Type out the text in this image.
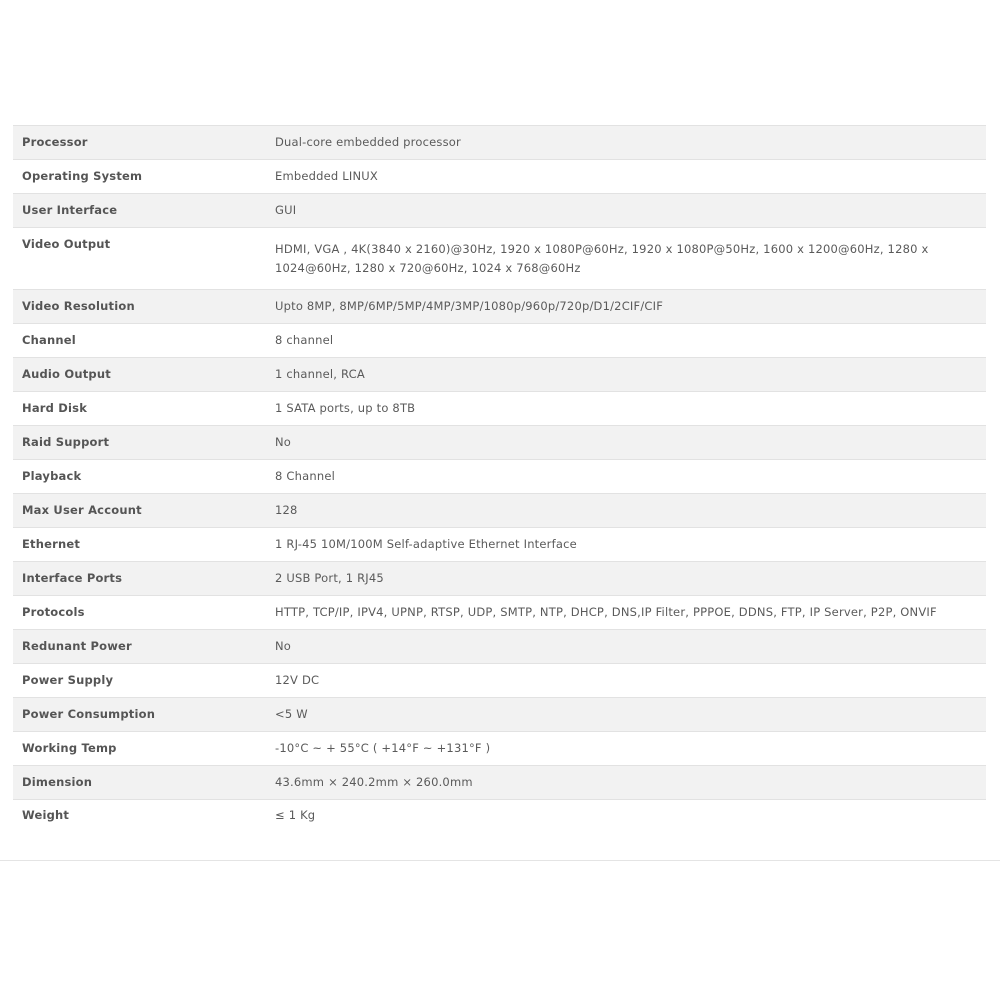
Processor	Dual-core embedded processor
Operating System	Embedded LINUX
User Interface	GUI
Video Output	HDMI, VGA , 4K(3840 x 2160)@30Hz, 1920 x 1080P@60Hz, 1920 x 1080P@50Hz, 1600 x 1200@60Hz, 1280 x 1024@60Hz, 1280 x 720@60Hz, 1024 x 768@60Hz
Video Resolution	Upto 8MP, 8MP/6MP/5MP/4MP/3MP/1080p/960p/720p/D1/2CIF/CIF
Channel	8 channel
Audio Output	1 channel, RCA
Hard Disk	1 SATA ports, up to 8TB
Raid Support	No
Playback	8 Channel
Max User Account	128
Ethernet	1 RJ-45 10M/100M Self-adaptive Ethernet Interface
Interface Ports	2 USB Port, 1 RJ45
Protocols	HTTP, TCP/IP, IPV4, UPNP, RTSP, UDP, SMTP, NTP, DHCP, DNS,IP Filter, PPPOE, DDNS, FTP, IP Server, P2P, ONVIF
Redunant Power	No
Power Supply	12V DC
Power Consumption	<5 W
Working Temp	-10°C ~ + 55°C ( +14°F ~ +131°F )
Dimension	43.6mm × 240.2mm × 260.0mm
Weight	≤ 1 Kg
